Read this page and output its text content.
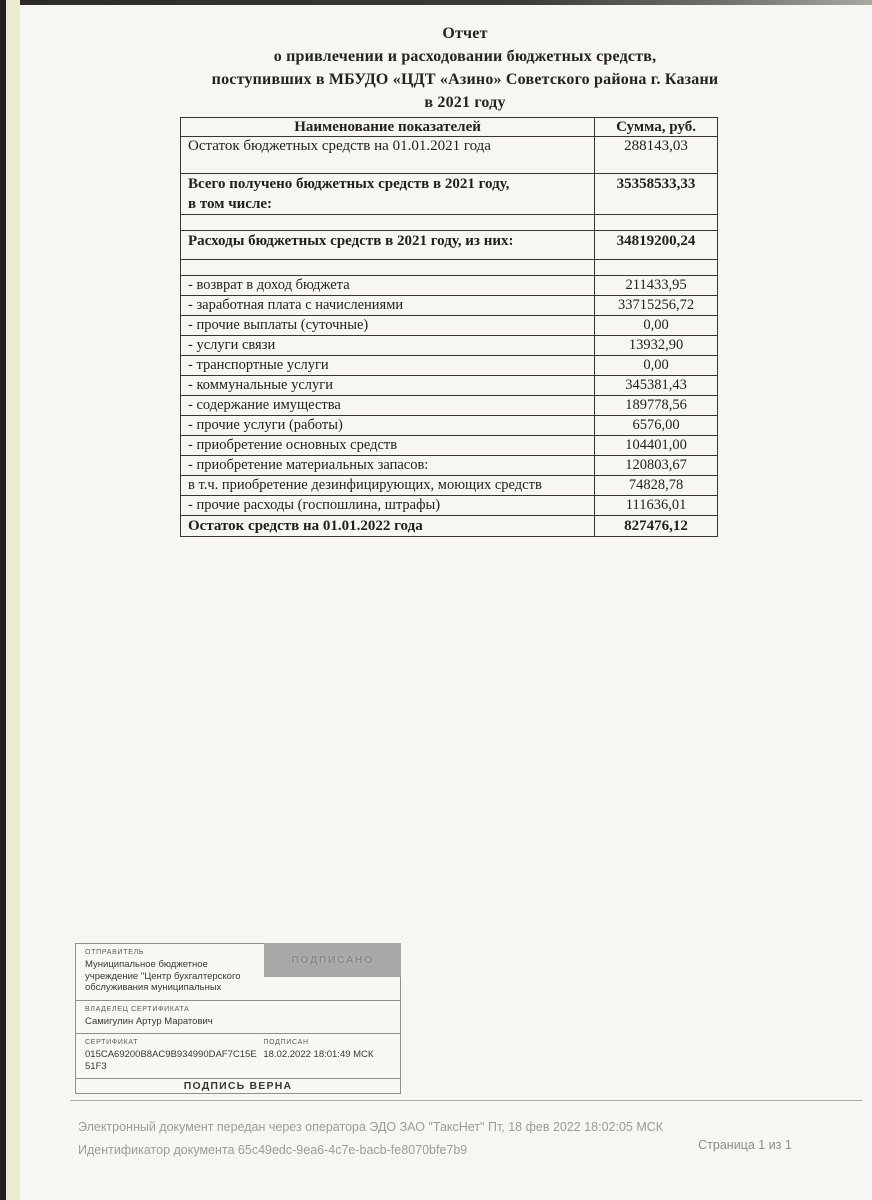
Отчет
о привлечении и расходовании бюджетных средств,
поступивших в МБУДО «ЦДТ «Азино» Советского района г. Казани
в 2021 году
Наименование показателей	Сумма, руб.
Остаток бюджетных средств на 01.01.2021 года	288143,03

Всего получено бюджетных средств в 2021 году,
в том числе:	35358533,33

Расходы бюджетных средств в 2021 году, из них:	34819200,24

- возврат в доход бюджета	211433,95
- заработная плата с начислениями	33715256,72
- прочие выплаты (суточные)	0,00
- услуги связи	13932,90
- транспортные услуги	0,00
- коммунальные услуги	345381,43
- содержание имущества	189778,56
- прочие услуги (работы)	6576,00
- приобретение основных средств	104401,00
- приобретение материальных запасов:	120803,67
в т.ч. приобретение дезинфицирующих, моющих средств	74828,78
- прочие расходы (госпошлина, штрафы)	111636,01
Остаток средств на 01.01.2022 года	827476,12
ОТПРАВИТЕЛЬ
Муниципальное бюджетное
учреждение "Центр бухгалтерского
обслуживания муниципальных
ПОДПИСАНО
ВЛАДЕЛЕЦ СЕРТИФИКАТА
Самигулин Артур Маратович
СЕРТИФИКАТ
015CA69200B8AC9B934990DAF7C15E51F3
ПОДПИСАН
18.02.2022 18:01:49 МСК
ПОДПИСЬ ВЕРНА
Электронный документ передан через оператора ЭДО ЗАО "ТаксНет" Пт, 18 фев 2022 18:02:05 МСК
Идентификатор документа 65c49edc-9ea6-4c7e-bacb-fe8070bfe7b9	Страница 1 из 1
